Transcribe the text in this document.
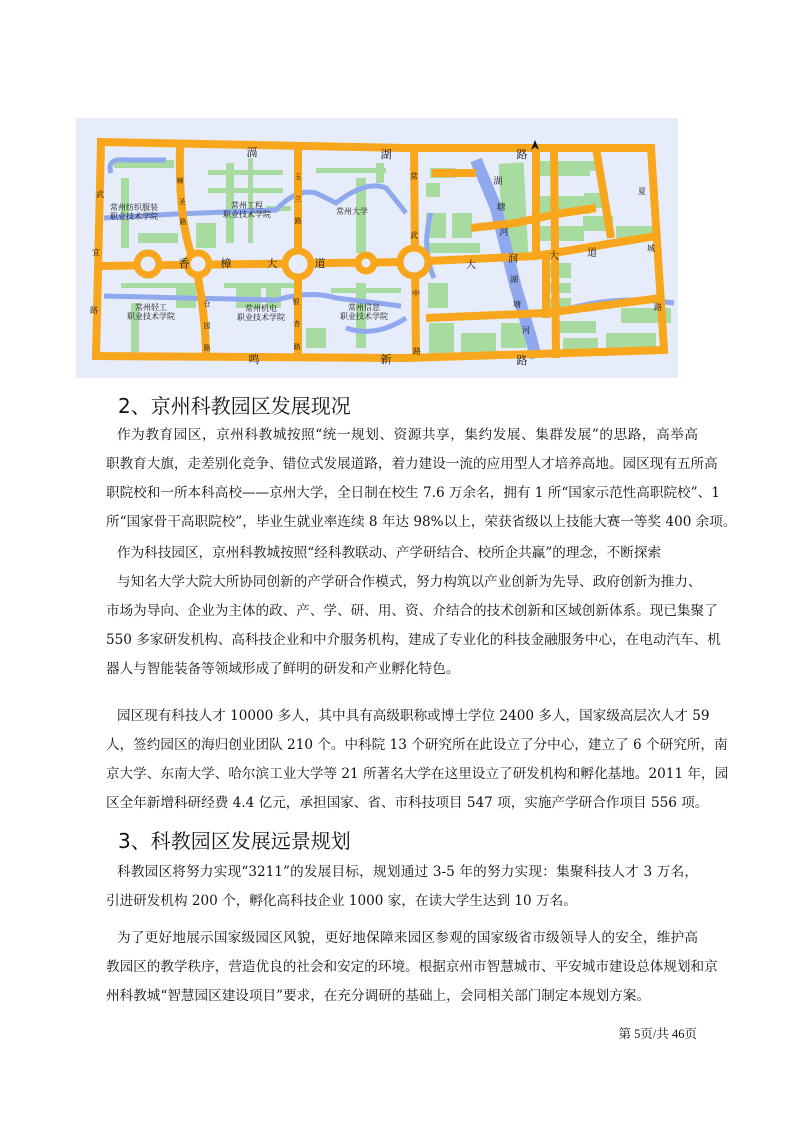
滆	湖	路
鸣	新	路
武
宜
路
香	樟	大	道
常
武
中
路
玉
兰
路
银
杏
路
樟
圣
路
仓
园
路
夏
城
路
大
润	大	道
湖
塘
河
湖
塘
河
常州纺织服装
职业技术学院
常州工程
职业技术学院	常州大学
常州轻工
职业技术学院
常州机电
职业技术学院
常州信息
职业技术学院
2、京州科教园区发展现况
作为教育园区，京州科教城按照“统一规划、资源共享，集约发展、集群发展”的思路，高举高
职教育大旗，走差别化竞争、错位式发展道路，着力建设一流的应用型人才培养高地。园区现有五所高
职院校和一所本科高校——京州大学，全日制在校生 7.6 万余名，拥有 1 所“国家示范性高职院校”、1
所“国家骨干高职院校”，毕业生就业率连续 8 年达 98%以上，荣获省级以上技能大赛一等奖 400 余项。
作为科技园区，京州科教城按照“经科教联动、产学研结合、校所企共赢”的理念，不断探索
与知名大学大院大所协同创新的产学研合作模式，努力构筑以产业创新为先导、政府创新为推力、
市场为导向、企业为主体的政、产、学、研、用、资、介结合的技术创新和区域创新体系。现已集聚了
550 多家研发机构、高科技企业和中介服务机构，建成了专业化的科技金融服务中心，在电动汽车、机
器人与智能装备等领域形成了鲜明的研发和产业孵化特色。
园区现有科技人才 10000 多人，其中具有高级职称或博士学位 2400 多人，国家级高层次人才 59
人，签约园区的海归创业团队 210 个。中科院 13 个研究所在此设立了分中心，建立了 6 个研究所，南
京大学、东南大学、哈尔滨工业大学等 21 所著名大学在这里设立了研发机构和孵化基地。2011 年，园
区全年新增科研经费 4.4 亿元，承担国家、省、市科技项目 547 项，实施产学研合作项目 556 项。
3、科教园区发展远景规划
科教园区将努力实现“3211”的发展目标，规划通过 3-5 年的努力实现：集聚科技人才 3 万名，
引进研发机构 200 个，孵化高科技企业 1000 家，在读大学生达到 10 万名。
为了更好地展示国家级园区风貌，更好地保障来园区参观的国家级省市级领导人的安全，维护高
教园区的教学秩序，营造优良的社会和安定的环境。根据京州市智慧城市、平安城市建设总体规划和京
州科教城“智慧园区建设项目”要求，在充分调研的基础上，会同相关部门制定本规划方案。
第 5页/共 46页
